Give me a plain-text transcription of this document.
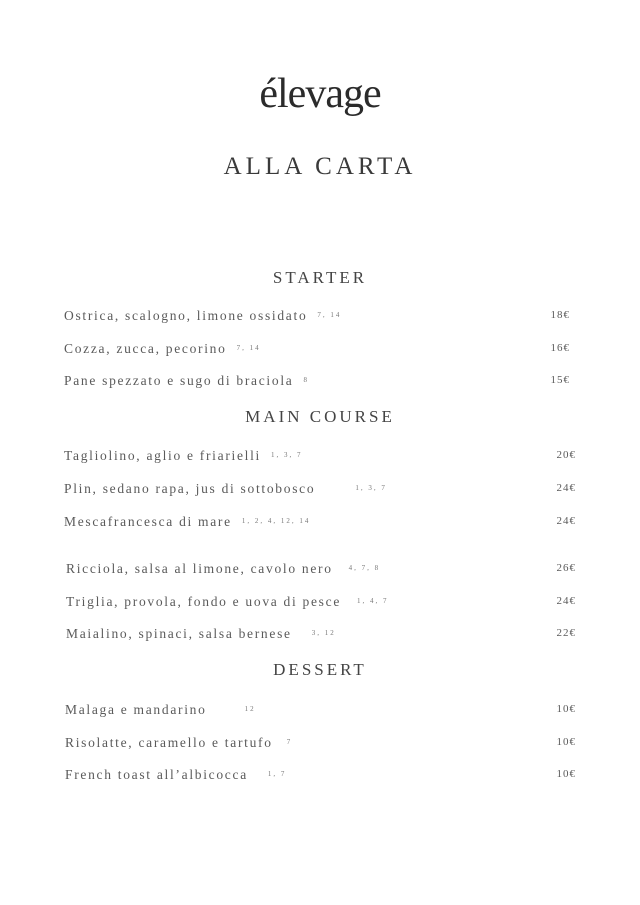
élevage
ALLA CARTA
STARTER
Ostrica, scalogno, limone ossidato $^{7, 14}$	18€
Cozza, zucca, pecorino $^{7, 14}$	16€
Pane spezzato e sugo di braciola $^8$	15€
MAIN COURSE
Tagliolino, aglio e friarielli $^{1, 3, 7}$	20€
Plin, sedano rapa, jus di sottobosco	$^{1, 3, 7}$	24€
Mescafrancesca di mare $^{1, 2, 4, 12, 14}$	24€
Ricciola, salsa al limone, cavolo nero $^{4, 7, 8}$	26€
Triglia, provola, fondo e uova di pesce $^{1, 4, 7}$	24€
Maialino, spinaci, salsa bernese	$^{3, 12}$	22€
DESSERT
Malaga e mandarino	$^{12}$	10€
Risolatte, caramello e tartufo $^7$	10€
French toast all’albicocca	$^{1, 7}$	10€
